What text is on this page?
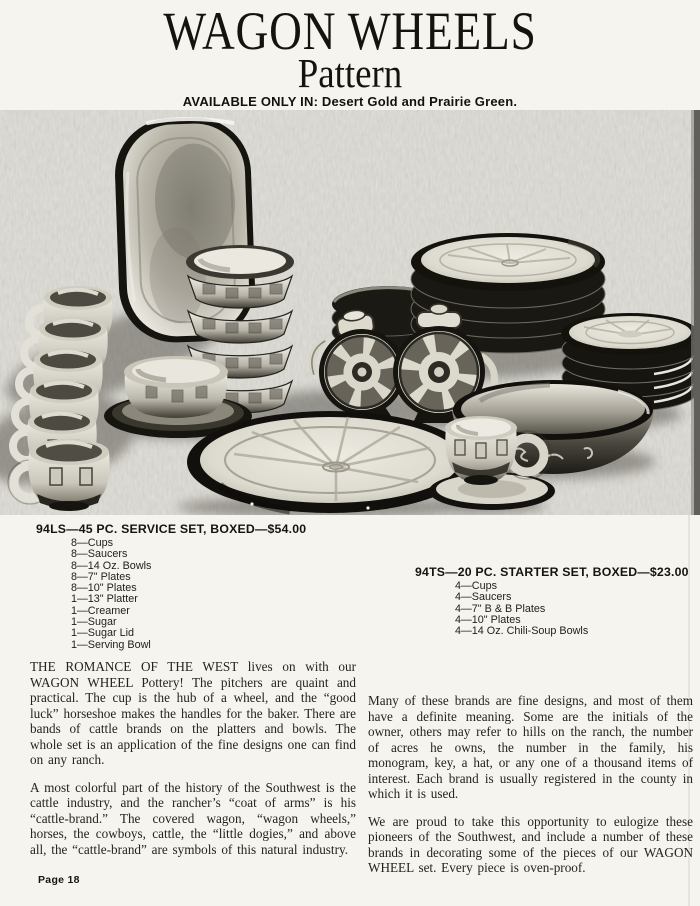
WAGON WHEELS
Pattern
AVAILABLE ONLY IN: Desert Gold and Prairie Green.
94LS—45 PC. SERVICE SET, BOXED—$54.00
8—Cups
8—Saucers
8—14 Oz. Bowls
8—7" Plates
8—10" Plates
1—13" Platter
1—Creamer
1—Sugar
1—Sugar Lid
1—Serving Bowl
94TS—20 PC. STARTER SET, BOXED—$23.00
4—Cups
4—Saucers
4—7" B & B Plates
4—10" Plates
4—14 Oz. Chili-Soup Bowls

THE ROMANCE OF THE WEST lives on with our WAGON WHEEL Pottery! The pitchers are quaint and practical. The cup is the hub of a wheel, and the “good luck” horseshoe makes the handles for the baker. There are bands of cattle brands on the platters and bowls. The whole set is an application of the fine designs one can find on any ranch.

A most colorful part of the history of the Southwest is the cattle industry, and the rancher’s “coat of arms” is his “cattle-brand.” The covered wagon, “wagon wheels,” horses, the cowboys, cattle, the “little dogies,” and above all, the “cattle-brand” are symbols of this natural industry.

Many of these brands are fine designs, and most of them have a definite meaning. Some are the initials of the owner, others may refer to hills on the ranch, the number of acres he owns, the number in the family, his monogram, key, a hat, or any one of a thousand items of interest. Each brand is usually registered in the county in which it is used.

We are proud to take this opportunity to eulogize these pioneers of the Southwest, and include a number of these brands in decorating some of the pieces of our WAGON WHEEL set. Every piece is oven-proof.

Page 18
